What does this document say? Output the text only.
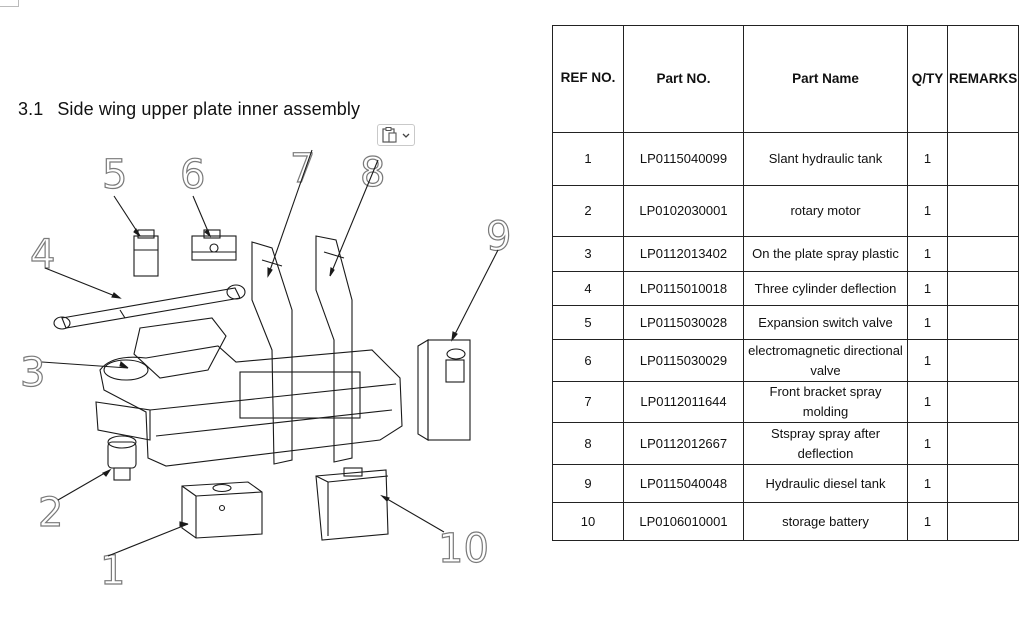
3.1 Side wing upper plate inner assembly
5 6 7 8
4	9
3
2
10
1
REF NO.	Part NO.	Part Name	Q/TY	REMARKS
1	LP0115040099	Slant hydraulic tank	1	
2	LP0102030001	rotary motor	1	
3	LP0112013402	On the plate spray plastic	1	
4	LP0115010018	Three cylinder deflection	1	
5	LP0115030028	Expansion switch valve	1	
6	LP0115030029	electromagnetic directional valve	1	
7	LP0112011644	Front bracket spray molding	1	
8	LP0112012667	Stspray spray after deflection	1	
9	LP0115040048	Hydraulic diesel tank	1	
10	LP0106010001	storage battery	1	
